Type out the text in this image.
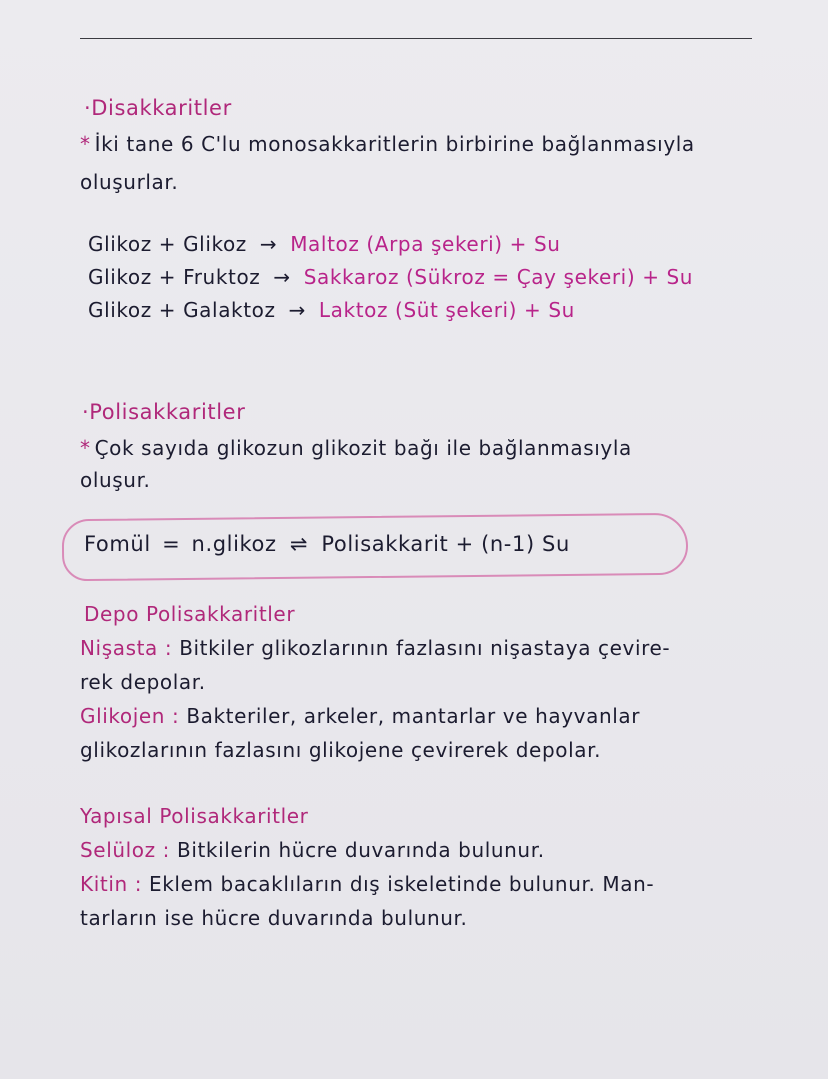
·Disakkaritler
* İki tane 6 C'lu monosakkaritlerin birbirine bağlanmasıyla
oluşurlar.
Glikoz + Glikoz → Maltoz (Arpa şekeri) + Su
Glikoz + Fruktoz → Sakkaroz (Sükroz = Çay şekeri) + Su
Glikoz + Galaktoz → Laktoz (Süt şekeri) + Su
·Polisakkaritler
* Çok sayıda glikozun glikozit bağı ile bağlanmasıyla
oluşur.
Fomül = n.glikoz ⇌ Polisakkarit + (n-1) Su
Depo Polisakkaritler
Nişasta : Bitkiler glikozlarının fazlasını nişastaya çevire-
rek depolar.
Glikojen : Bakteriler, arkeler, mantarlar ve hayvanlar
glikozlarının fazlasını glikojene çevirerek depolar.
Yapısal Polisakkaritler
Selüloz : Bitkilerin hücre duvarında bulunur.
Kitin : Eklem bacaklıların dış iskeletinde bulunur. Man-
tarların ise hücre duvarında bulunur.
